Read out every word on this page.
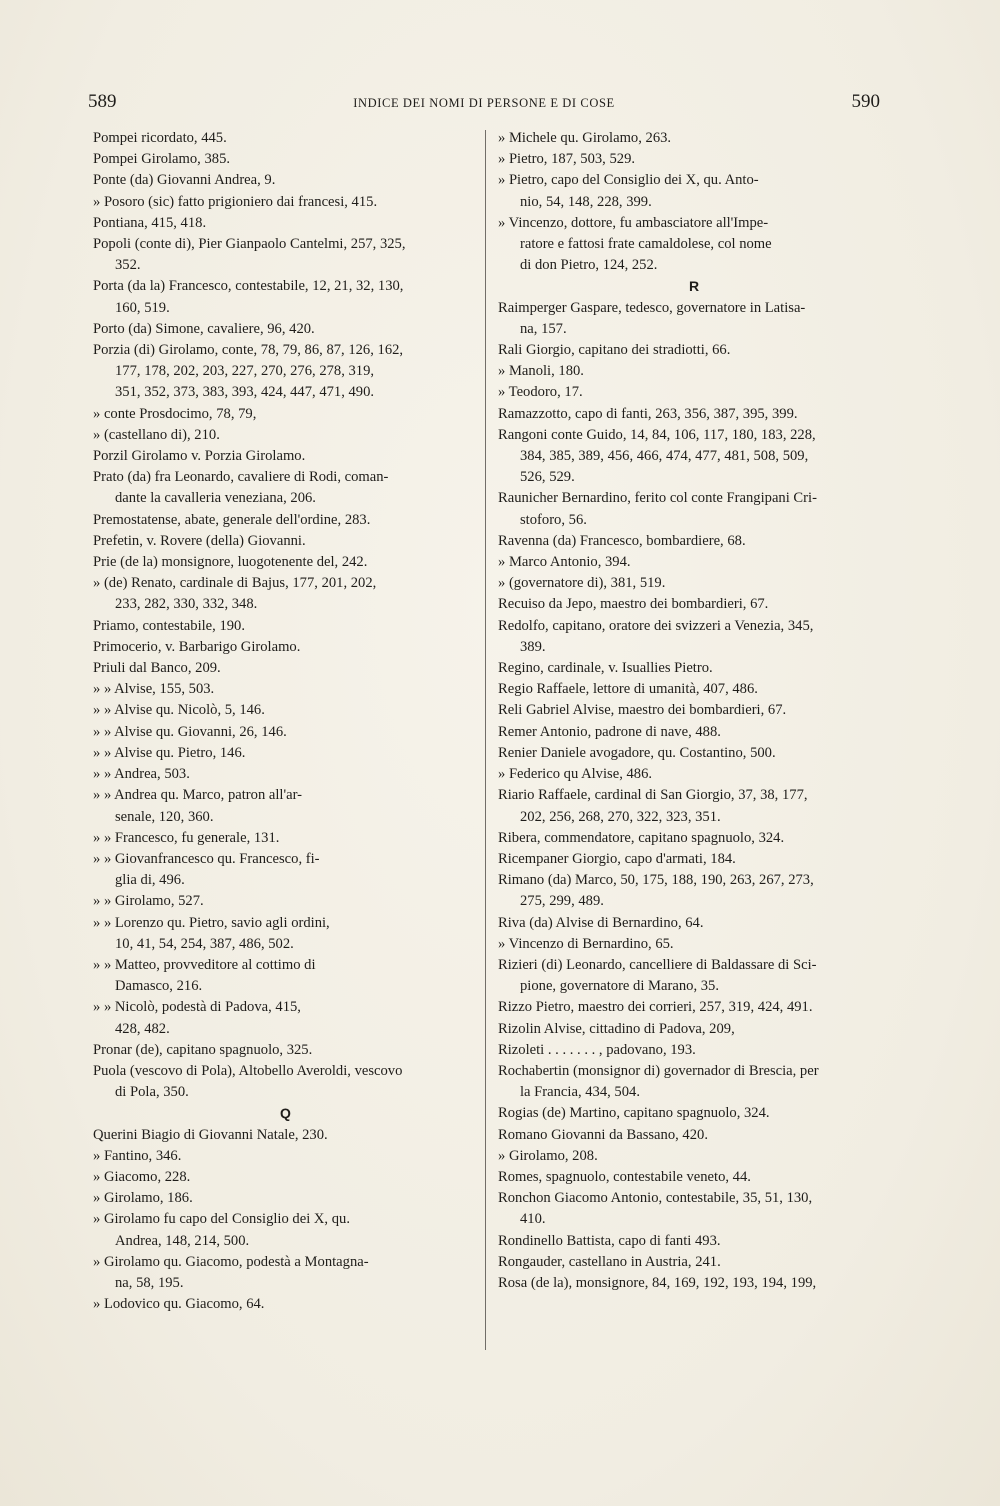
589	INDICE DEI NOMI DI PERSONE E DI COSE	590
Pompei ricordato, 445.
Pompei Girolamo, 385.
Ponte (da) Giovanni Andrea, 9.
» Posoro (sic) fatto prigioniero dai francesi, 415.
Pontiana, 415, 418.
Popoli (conte di), Pier Gianpaolo Cantelmi, 257, 325,
352.
Porta (da la) Francesco, contestabile, 12, 21, 32, 130,
160, 519.
Porto (da) Simone, cavaliere, 96, 420.
Porzia (di) Girolamo, conte, 78, 79, 86, 87, 126, 162,
177, 178, 202, 203, 227, 270, 276, 278, 319,
351, 352, 373, 383, 393, 424, 447, 471, 490.
» conte Prosdocimo, 78, 79,
» (castellano di), 210.
Porzil Girolamo v. Porzia Girolamo.
Prato (da) fra Leonardo, cavaliere di Rodi, coman-
dante la cavalleria veneziana, 206.
Premostatense, abate, generale dell'ordine, 283.
Prefetin, v. Rovere (della) Giovanni.
Prie (de la) monsignore, luogotenente del, 242.
» (de) Renato, cardinale di Bajus, 177, 201, 202,
233, 282, 330, 332, 348.
Priamo, contestabile, 190.
Primocerio, v. Barbarigo Girolamo.
Priuli dal Banco, 209.
» » Alvise, 155, 503.
» » Alvise qu. Nicolò, 5, 146.
» » Alvise qu. Giovanni, 26, 146.
» » Alvise qu. Pietro, 146.
» » Andrea, 503.
» » Andrea qu. Marco, patron all'ar-
senale, 120, 360.
» » Francesco, fu generale, 131.
» » Giovanfrancesco qu. Francesco, fi-
glia di, 496.
» » Girolamo, 527.
» » Lorenzo qu. Pietro, savio agli ordini,
10, 41, 54, 254, 387, 486, 502.
» » Matteo, provveditore al cottimo di
Damasco, 216.
» » Nicolò, podestà di Padova, 415,
428, 482.
Pronar (de), capitano spagnuolo, 325.
Puola (vescovo di Pola), Altobello Averoldi, vescovo
di Pola, 350.
Q
Querini Biagio di Giovanni Natale, 230.
» Fantino, 346.
» Giacomo, 228.
» Girolamo, 186.
» Girolamo fu capo del Consiglio dei X, qu.
Andrea, 148, 214, 500.
» Girolamo qu. Giacomo, podestà a Montagna-
na, 58, 195.
» Lodovico qu. Giacomo, 64.
» Michele qu. Girolamo, 263.
» Pietro, 187, 503, 529.
» Pietro, capo del Consiglio dei X, qu. Anto-
nio, 54, 148, 228, 399.
» Vincenzo, dottore, fu ambasciatore all'Impe-
ratore e fattosi frate camaldolese, col nome
di don Pietro, 124, 252.
R
Raimperger Gaspare, tedesco, governatore in Latisa-
na, 157.
Rali Giorgio, capitano dei stradiotti, 66.
» Manoli, 180.
» Teodoro, 17.
Ramazzotto, capo di fanti, 263, 356, 387, 395, 399.
Rangoni conte Guido, 14, 84, 106, 117, 180, 183, 228,
384, 385, 389, 456, 466, 474, 477, 481, 508, 509,
526, 529.
Raunicher Bernardino, ferito col conte Frangipani Cri-
stoforo, 56.
Ravenna (da) Francesco, bombardiere, 68.
» Marco Antonio, 394.
» (governatore di), 381, 519.
Recuiso da Jepo, maestro dei bombardieri, 67.
Redolfo, capitano, oratore dei svizzeri a Venezia, 345,
389.
Regino, cardinale, v. Isuallies Pietro.
Regio Raffaele, lettore di umanità, 407, 486.
Reli Gabriel Alvise, maestro dei bombardieri, 67.
Remer Antonio, padrone di nave, 488.
Renier Daniele avogadore, qu. Costantino, 500.
» Federico qu Alvise, 486.
Riario Raffaele, cardinal di San Giorgio, 37, 38, 177,
202, 256, 268, 270, 322, 323, 351.
Ribera, commendatore, capitano spagnuolo, 324.
Ricempaner Giorgio, capo d'armati, 184.
Rimano (da) Marco, 50, 175, 188, 190, 263, 267, 273,
275, 299, 489.
Riva (da) Alvise di Bernardino, 64.
» Vincenzo di Bernardino, 65.
Rizieri (di) Leonardo, cancelliere di Baldassare di Sci-
pione, governatore di Marano, 35.
Rizzo Pietro, maestro dei corrieri, 257, 319, 424, 491.
Rizolin Alvise, cittadino di Padova, 209,
Rizoleti . . . . . . . , padovano, 193.
Rochabertin (monsignor di) governador di Brescia, per
la Francia, 434, 504.
Rogias (de) Martino, capitano spagnuolo, 324.
Romano Giovanni da Bassano, 420.
» Girolamo, 208.
Romes, spagnuolo, contestabile veneto, 44.
Ronchon Giacomo Antonio, contestabile, 35, 51, 130,
410.
Rondinello Battista, capo di fanti 493.
Rongauder, castellano in Austria, 241.
Rosa (de la), monsignore, 84, 169, 192, 193, 194, 199,
